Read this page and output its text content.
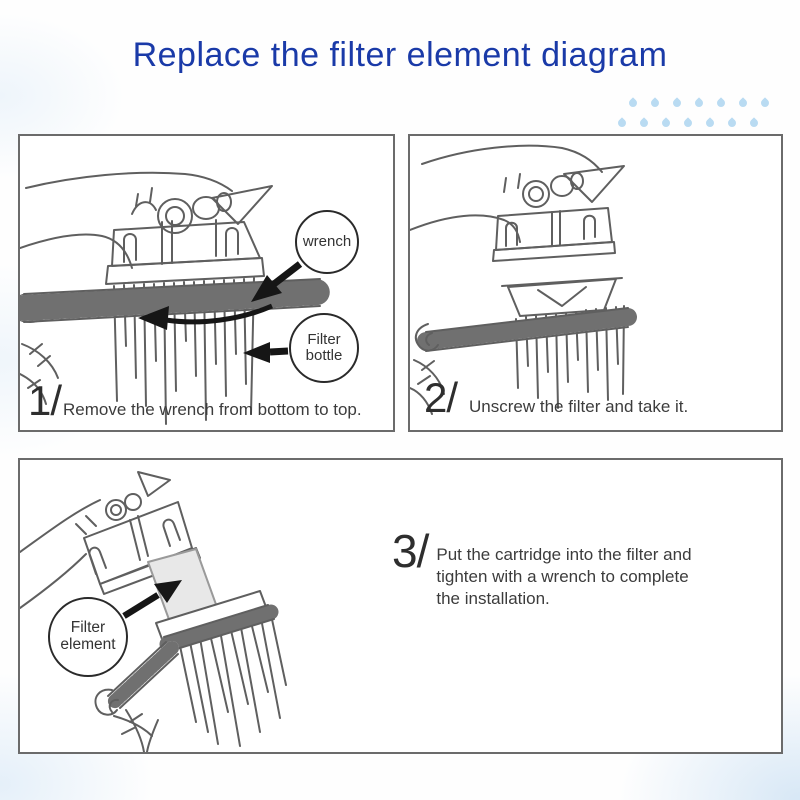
Replace the filter element diagram
wrench
Filter
bottle
1/ Remove the wrench from bottom to top. 2/ Unscrew the filter and take it.
Filter
element
3/ Put the cartridge into the filter and
tighten with a wrench to complete
the installation.
